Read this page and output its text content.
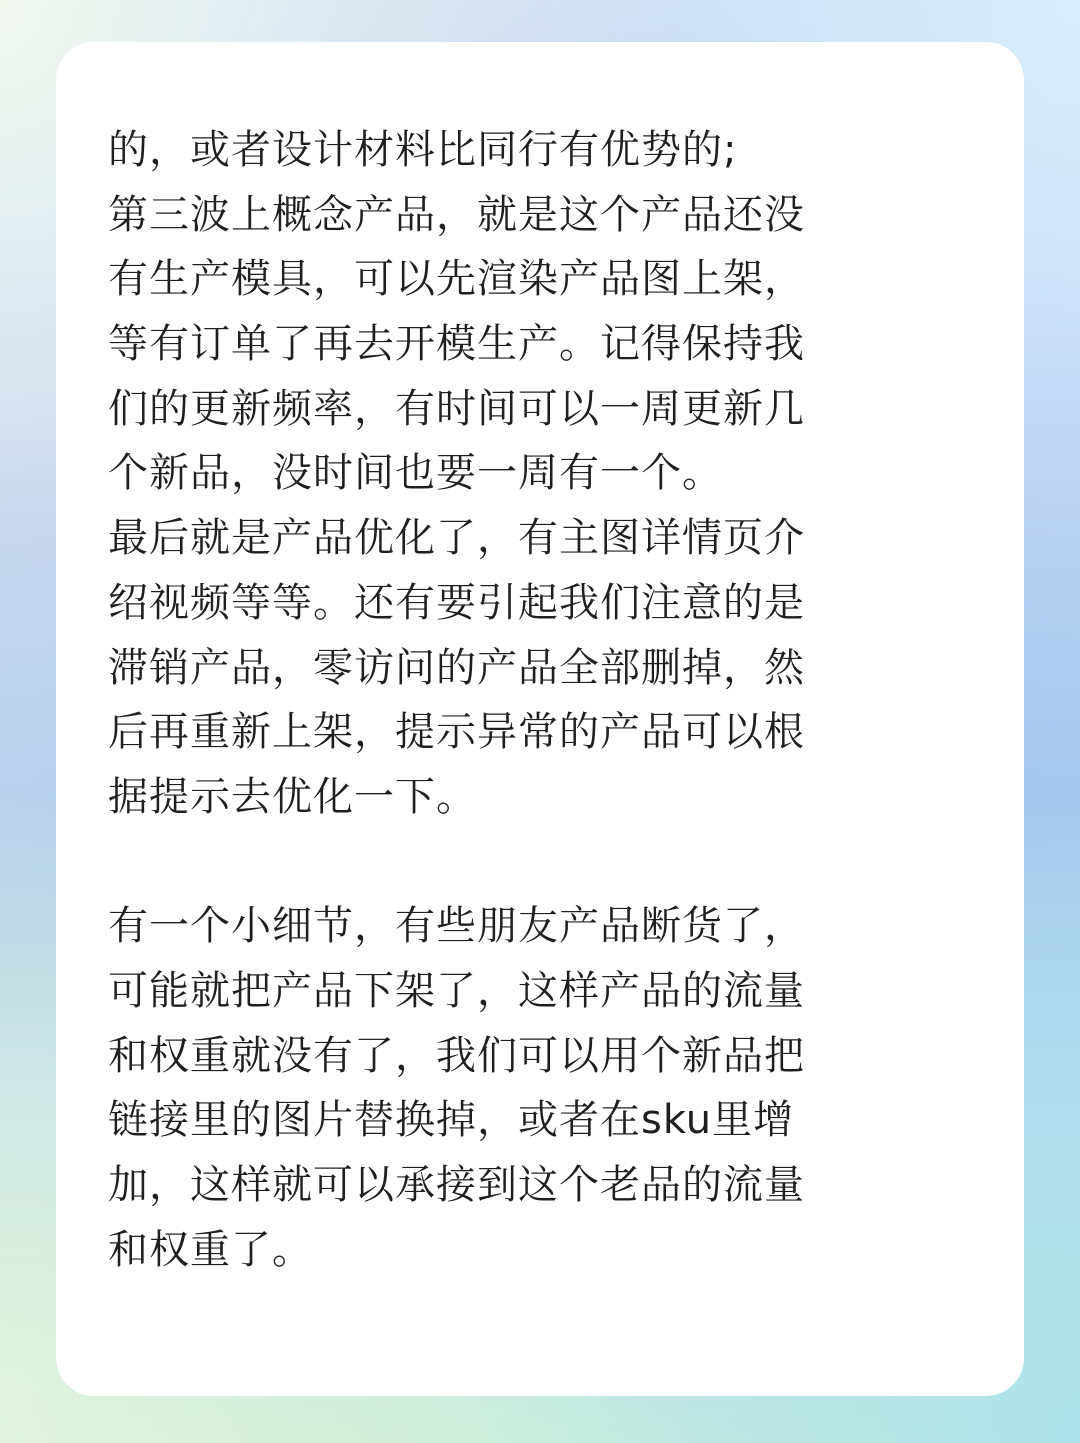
的，或者设计材料比同行有优势的;
第三波上概念产品，就是这个产品还没
有生产模具，可以先渲染产品图上架，
等有订单了再去开模生产。记得保持我
们的更新频率，有时间可以一周更新几
个新品，没时间也要一周有一个。
最后就是产品优化了，有主图详情页介
绍视频等等。还有要引起我们注意的是
滞销产品，零访问的产品全部删掉，然
后再重新上架，提示异常的产品可以根
据提示去优化一下。
有一个小细节，有些朋友产品断货了，
可能就把产品下架了，这样产品的流量
和权重就没有了，我们可以用个新品把
链接里的图片替换掉，或者在sku里增
加，这样就可以承接到这个老品的流量
和权重了。
